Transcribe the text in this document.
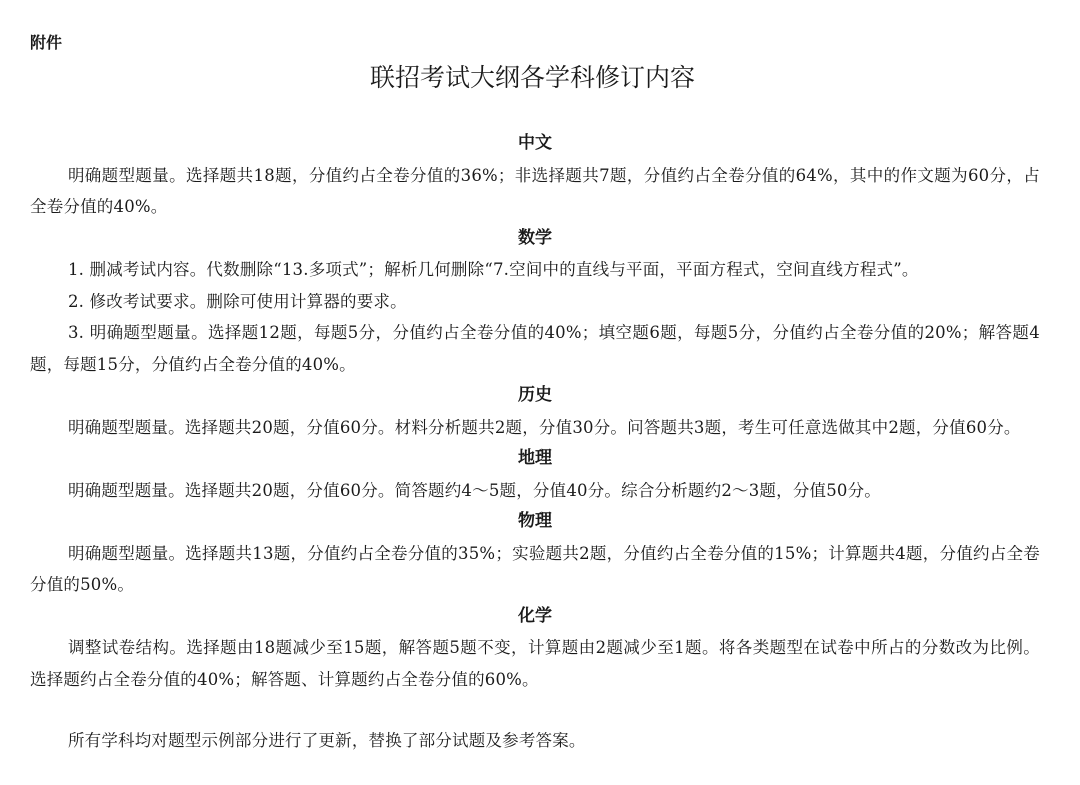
附件
联招考试大纲各学科修订内容
中文

明确题型题量。选择题共18题，分值约占全卷分值的36%；非选择题共7题，分值约占全卷分值的64%，其中的作文题为60分，占全卷分值的40%。

数学

1. 删减考试内容。代数删除“13.多项式”；解析几何删除“7.空间中的直线与平面，平面方程式，空间直线方程式”。

2. 修改考试要求。删除可使用计算器的要求。

3. 明确题型题量。选择题12题，每题5分，分值约占全卷分值的40%；填空题6题，每题5分，分值约占全卷分值的20%；解答题4题，每题15分，分值约占全卷分值的40%。

历史

明确题型题量。选择题共20题，分值60分。材料分析题共2题，分值30分。问答题共3题，考生可任意选做其中2题，分值60分。

地理

明确题型题量。选择题共20题，分值60分。简答题约4～5题，分值40分。综合分析题约2～3题，分值50分。

物理

明确题型题量。选择题共13题，分值约占全卷分值的35%；实验题共2题，分值约占全卷分值的15%；计算题共4题，分值约占全卷分值的50%。

化学

调整试卷结构。选择题由18题减少至15题，解答题5题不变，计算题由2题减少至1题。将各类题型在试卷中所占的分数改为比例。选择题约占全卷分值的40%；解答题、计算题约占全卷分值的60%。

所有学科均对题型示例部分进行了更新，替换了部分试题及参考答案。
